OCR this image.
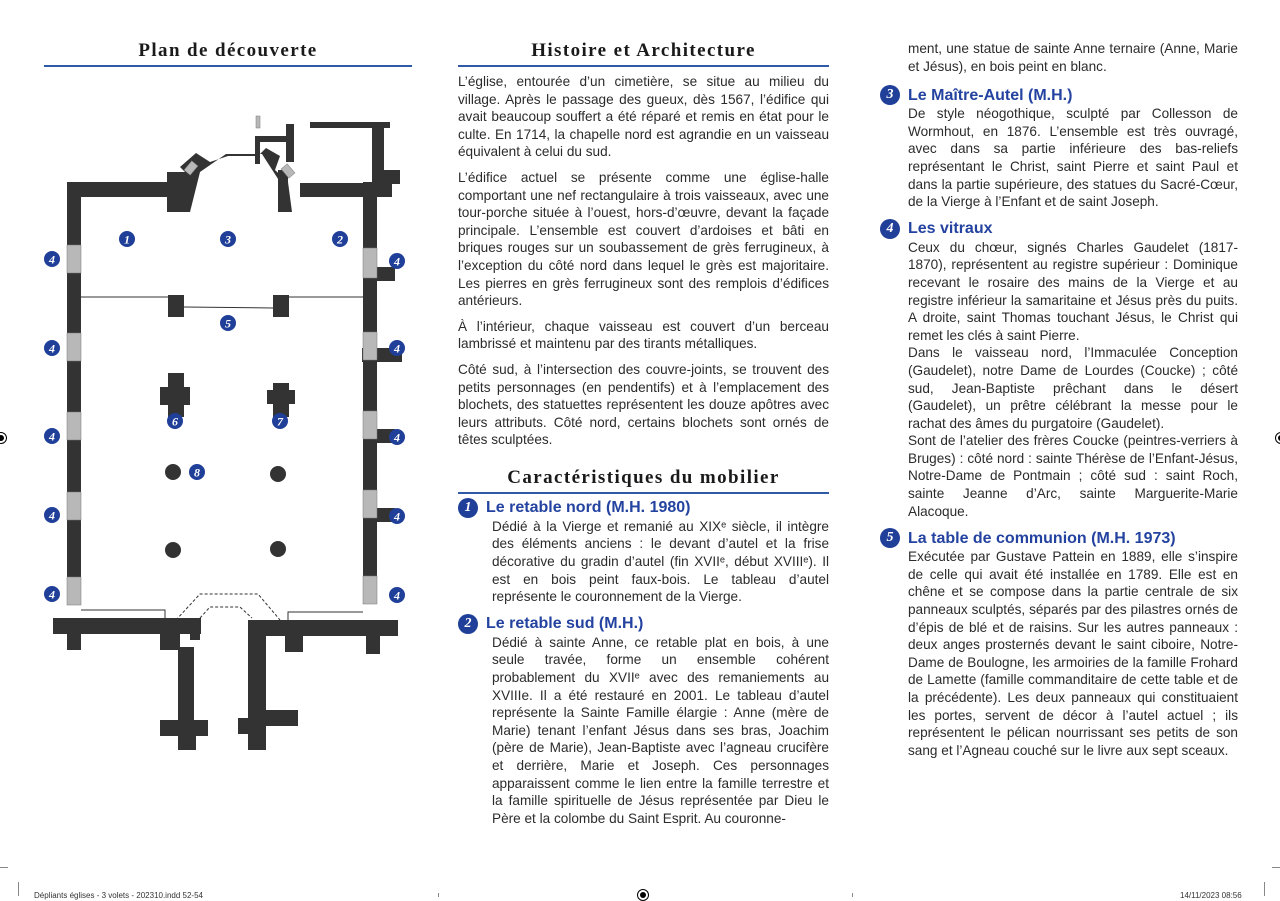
Plan de découverte
1	3	2
5
6	7
8
4
4
4
4
4
4
4
4
4
4
Histoire et Architecture

L’église, entourée d’un cimetière, se situe au milieu du village. Après le passage des gueux, dès 1567, l’édifice qui avait beaucoup souffert a été réparé et remis en état pour le culte. En 1714, la chapelle nord est agrandie en un vaisseau équivalent à celui du sud.

L’édifice actuel se présente comme une église-halle comportant une nef rectangulaire à trois vaisseaux, avec une tour-porche située à l’ouest, hors-d’œuvre, devant la façade principale. L’ensemble est couvert d’ardoises et bâti en briques rouges sur un soubassement de grès ferrugineux, à l’exception du côté nord dans lequel le grès est majoritaire. Les pierres en grès ferrugineux sont des remplois d’édifices antérieurs.

À l’intérieur, chaque vaisseau est couvert d’un berceau lambrissé et maintenu par des tirants métalliques.

Côté sud, à l’intersection des couvre-joints, se trouvent des petits personnages (en pendentifs) et à l’emplacement des blochets, des statuettes représentent les douze apôtres avec leurs attributs. Côté nord, certains blochets sont ornés de têtes sculptées.

Caractéristiques du mobilier
1 Le retable nord (M.H. 1980)

Dédié à la Vierge et remanié au XIXᵉ siècle, il intègre des éléments anciens : le devant d’autel et la frise décorative du gradin d’autel (fin XVIIᵉ, début XVIIIᵉ). Il est en bois peint faux-bois. Le tableau d’autel représente le couronnement de la Vierge.

2 Le retable sud (M.H.)

Dédié à sainte Anne, ce retable plat en bois, à une seule travée, forme un ensemble cohérent probablement du XVIIᵉ avec des remaniements au XVIIIe. Il a été restauré en 2001. Le tableau d’autel représente la Sainte Famille élargie : Anne (mère de Marie) tenant l’enfant Jésus dans ses bras, Joachim (père de Marie), Jean-Baptiste avec l’agneau crucifère et derrière, Marie et Joseph. Ces personnages apparaissent comme le lien entre la famille terrestre et la famille spirituelle de Jésus représentée par Dieu le Père et la colombe du Saint Esprit. Au couronne-

ment, une statue de sainte Anne ternaire (Anne, Marie et Jésus), en bois peint en blanc.

3 Le Maître-Autel (M.H.)

De style néogothique, sculpté par Collesson de Wormhout, en 1876. L’ensemble est très ouvragé, avec dans sa partie inférieure des bas-reliefs représentant le Christ, saint Pierre et saint Paul et dans la partie supérieure, des statues du Sacré-Cœur, de la Vierge à l’Enfant et de saint Joseph.

4 Les vitraux

Ceux du chœur, signés Charles Gaudelet (1817-1870), représentent au registre supérieur : Dominique recevant le rosaire des mains de la Vierge et au registre inférieur la samaritaine et Jésus près du puits. A droite, saint Thomas touchant Jésus, le Christ qui remet les clés à saint Pierre.

Dans le vaisseau nord, l’Immaculée Conception (Gaudelet), notre Dame de Lourdes (Coucke) ; côté sud, Jean-Baptiste prêchant dans le désert (Gaudelet), un prêtre célébrant la messe pour le rachat des âmes du purgatoire (Gaudelet).

Sont de l’atelier des frères Coucke (peintres-verriers à Bruges) : côté nord : sainte Thérèse de l’Enfant-Jésus, Notre-Dame de Pontmain ; côté sud : saint Roch, sainte Jeanne d’Arc, sainte Marguerite-Marie Alacoque.

5 La table de communion (M.H. 1973)

Exécutée par Gustave Pattein en 1889, elle s’inspire de celle qui avait été installée en 1789. Elle est en chêne et se compose dans la partie centrale de six panneaux sculptés, séparés par des pilastres ornés de d’épis de blé et de raisins. Sur les autres panneaux : deux anges prosternés devant le saint ciboire, Notre-Dame de Boulogne, les armoiries de la famille Frohard de Lamette (famille commanditaire de cette table et de la précédente). Les deux panneaux qui constituaient les portes, servent de décor à l’autel actuel ; ils représentent le pélican nourrissant ses petits de son sang et l’Agneau couché sur le livre aux sept sceaux.

Dépliants églises - 3 volets - 202310.indd 52-54	14/11/2023 08:56
